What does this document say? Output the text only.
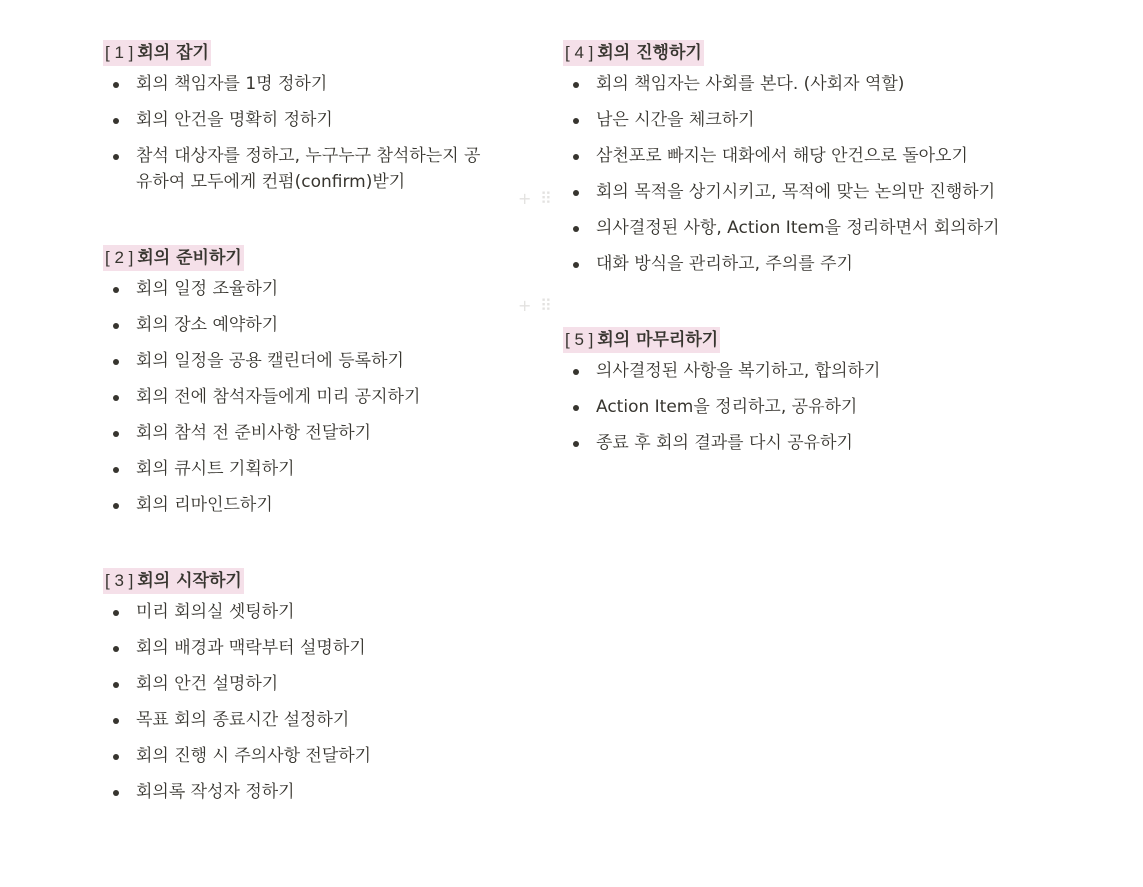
[ 1 ] 회의 잡기
회의 책임자를 1명 정하기
회의 안건을 명확히 정하기
참석 대상자를 정하고, 누구누구 참석하는지 공유하여 모두에게 컨펌(confirm)받기
[ 2 ] 회의 준비하기
회의 일정 조율하기
회의 장소 예약하기
회의 일정을 공용 캘린더에 등록하기
회의 전에 참석자들에게 미리 공지하기
회의 참석 전 준비사항 전달하기
회의 큐시트 기획하기
회의 리마인드하기
[ 3 ] 회의 시작하기
미리 회의실 셋팅하기
회의 배경과 맥락부터 설명하기
회의 안건 설명하기
목표 회의 종료시간 설정하기
회의 진행 시 주의사항 전달하기
회의록 작성자 정하기
[ 4 ] 회의 진행하기
회의 책임자는 사회를 본다. (사회자 역할)
남은 시간을 체크하기
삼천포로 빠지는 대화에서 해당 안건으로 돌아오기
회의 목적을 상기시키고, 목적에 맞는 논의만 진행하기
의사결정된 사항, Action Item을 정리하면서 회의하기
대화 방식을 관리하고, 주의를 주기
[ 5 ] 회의 마무리하기
의사결정된 사항을 복기하고, 합의하기
Action Item을 정리하고, 공유하기
종료 후 회의 결과를 다시 공유하기
+ ⠿
+ ⠿
